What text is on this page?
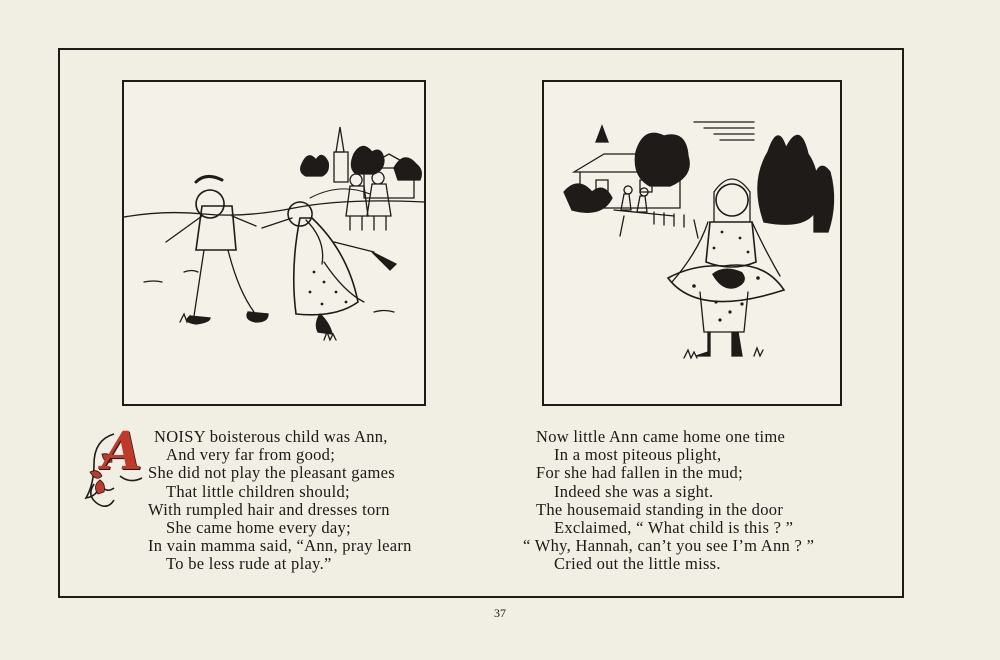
A NOISY boisterous child was Ann,
And very far from good;
She did not play the pleasant games
That little children should;
With rumpled hair and dresses torn
She came home every day;
In vain mamma said, “Ann, pray learn
To be less rude at play.”
Now little Ann came home one time
In a most piteous plight,
For she had fallen in the mud;
Indeed she was a sight.
The housemaid standing in the door
Exclaimed, “ What child is this ? ”
“ Why, Hannah, can’t you see I’m Ann ? ”
Cried out the little miss.
37
